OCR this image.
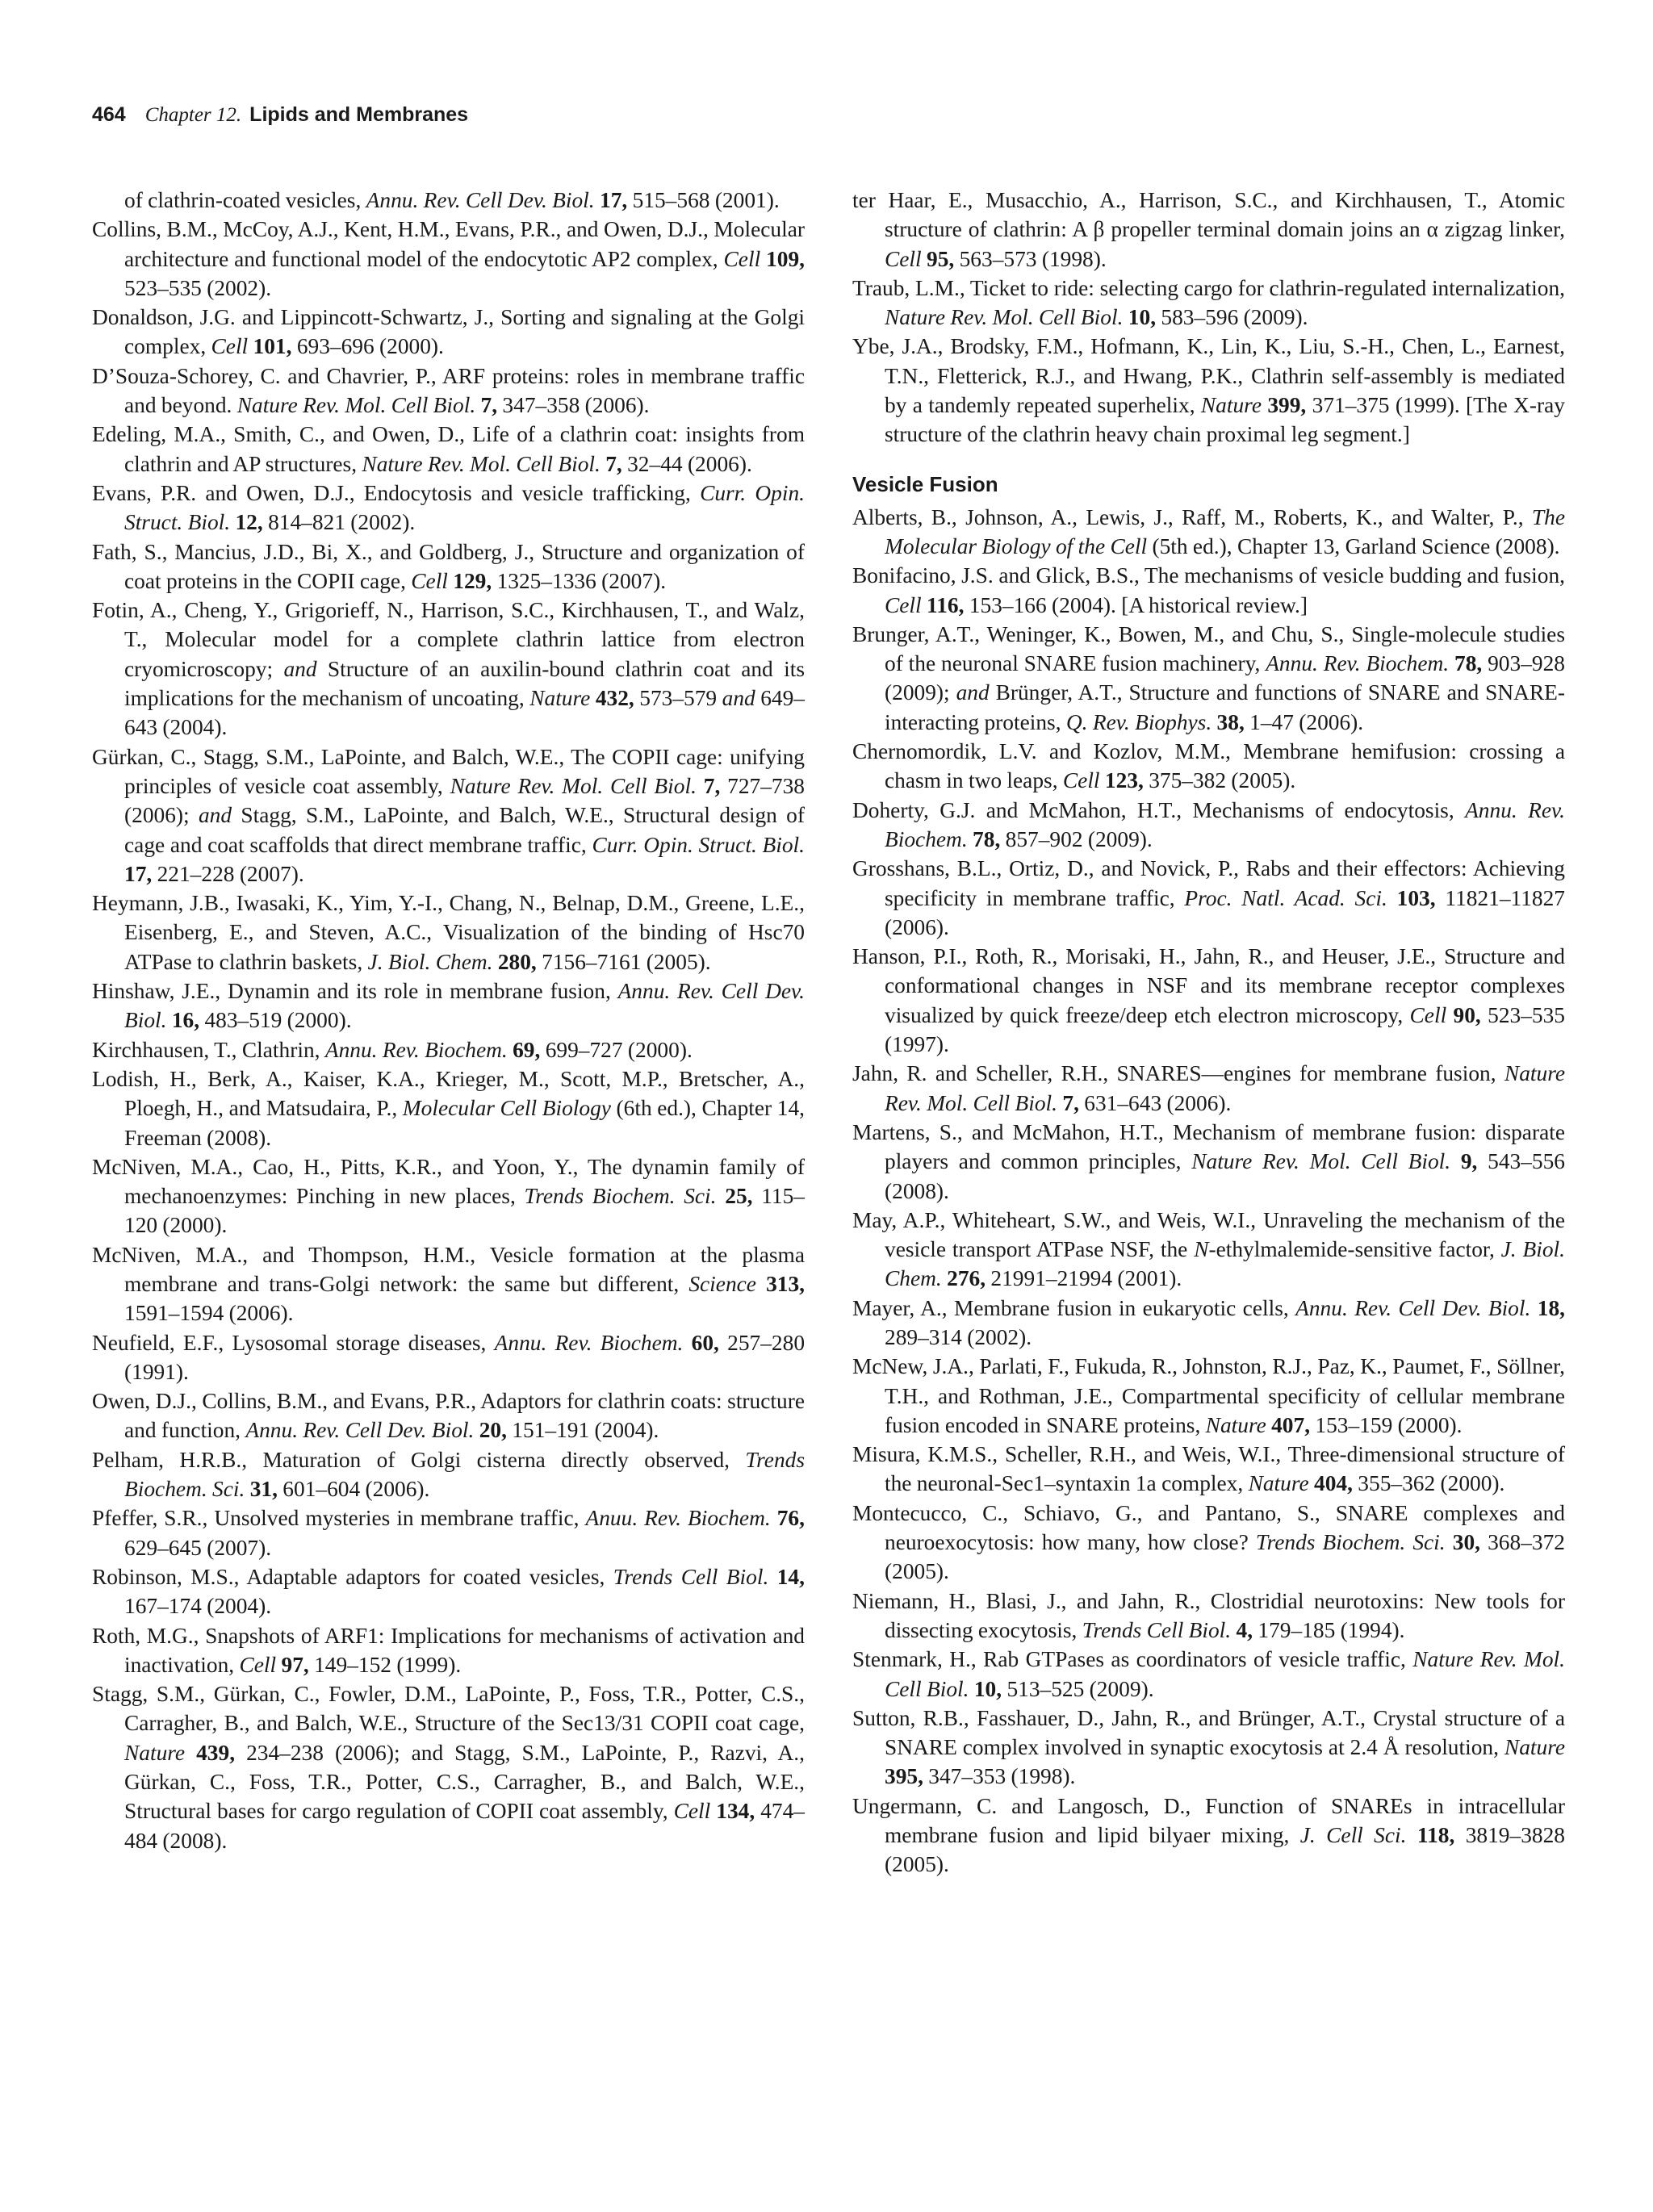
464 Chapter 12. Lipids and Membranes

of clathrin-coated vesicles, Annu. Rev. Cell Dev. Biol. 17, 515–568 (2001).

Collins, B.M., McCoy, A.J., Kent, H.M., Evans, P.R., and Owen, D.J., Molecular architecture and functional model of the endocytotic AP2 complex, Cell 109, 523–535 (2002).

Donaldson, J.G. and Lippincott-Schwartz, J., Sorting and signaling at the Golgi complex, Cell 101, 693–696 (2000).

D’Souza-Schorey, C. and Chavrier, P., ARF proteins: roles in membrane traffic and beyond. Nature Rev. Mol. Cell Biol. 7, 347–358 (2006).

Edeling, M.A., Smith, C., and Owen, D., Life of a clathrin coat: insights from clathrin and AP structures, Nature Rev. Mol. Cell Biol. 7, 32–44 (2006).

Evans, P.R. and Owen, D.J., Endocytosis and vesicle trafficking, Curr. Opin. Struct. Biol. 12, 814–821 (2002).

Fath, S., Mancius, J.D., Bi, X., and Goldberg, J., Structure and organization of coat proteins in the COPII cage, Cell 129, 1325–1336 (2007).

Fotin, A., Cheng, Y., Grigorieff, N., Harrison, S.C., Kirchhausen, T., and Walz, T., Molecular model for a complete clathrin lattice from electron cryomicroscopy; and Structure of an auxilin-bound clathrin coat and its implications for the mechanism of uncoating, Nature 432, 573–579 and 649–643 (2004).

Gürkan, C., Stagg, S.M., LaPointe, and Balch, W.E., The COPII cage: unifying principles of vesicle coat assembly, Nature Rev. Mol. Cell Biol. 7, 727–738 (2006); and Stagg, S.M., LaPointe, and Balch, W.E., Structural design of cage and coat scaffolds that direct membrane traffic, Curr. Opin. Struct. Biol. 17, 221–228 (2007).

Heymann, J.B., Iwasaki, K., Yim, Y.-I., Chang, N., Belnap, D.M., Greene, L.E., Eisenberg, E., and Steven, A.C., Visualization of the binding of Hsc70 ATPase to clathrin baskets, J. Biol. Chem. 280, 7156–7161 (2005).

Hinshaw, J.E., Dynamin and its role in membrane fusion, Annu. Rev. Cell Dev. Biol. 16, 483–519 (2000).

Kirchhausen, T., Clathrin, Annu. Rev. Biochem. 69, 699–727 (2000).

Lodish, H., Berk, A., Kaiser, K.A., Krieger, M., Scott, M.P., Bretscher, A., Ploegh, H., and Matsudaira, P., Molecular Cell Biology (6th ed.), Chapter 14, Freeman (2008).

McNiven, M.A., Cao, H., Pitts, K.R., and Yoon, Y., The dynamin family of mechanoenzymes: Pinching in new places, Trends Biochem. Sci. 25, 115–120 (2000).

McNiven, M.A., and Thompson, H.M., Vesicle formation at the plasma membrane and trans-Golgi network: the same but different, Science 313, 1591–1594 (2006).

Neufield, E.F., Lysosomal storage diseases, Annu. Rev. Biochem. 60, 257–280 (1991).

Owen, D.J., Collins, B.M., and Evans, P.R., Adaptors for clathrin coats: structure and function, Annu. Rev. Cell Dev. Biol. 20, 151–191 (2004).

Pelham, H.R.B., Maturation of Golgi cisterna directly observed, Trends Biochem. Sci. 31, 601–604 (2006).

Pfeffer, S.R., Unsolved mysteries in membrane traffic, Anuu. Rev. Biochem. 76, 629–645 (2007).

Robinson, M.S., Adaptable adaptors for coated vesicles, Trends Cell Biol. 14, 167–174 (2004).

Roth, M.G., Snapshots of ARF1: Implications for mechanisms of activation and inactivation, Cell 97, 149–152 (1999).

Stagg, S.M., Gürkan, C., Fowler, D.M., LaPointe, P., Foss, T.R., Potter, C.S., Carragher, B., and Balch, W.E., Structure of the Sec13/31 COPII coat cage, Nature 439, 234–238 (2006); and Stagg, S.M., LaPointe, P., Razvi, A., Gürkan, C., Foss, T.R., Potter, C.S., Carragher, B., and Balch, W.E., Structural bases for cargo regulation of COPII coat assembly, Cell 134, 474–484 (2008).

ter Haar, E., Musacchio, A., Harrison, S.C., and Kirchhausen, T., Atomic structure of clathrin: A β propeller terminal domain joins an α zigzag linker, Cell 95, 563–573 (1998).

Traub, L.M., Ticket to ride: selecting cargo for clathrin-regulated internalization, Nature Rev. Mol. Cell Biol. 10, 583–596 (2009).

Ybe, J.A., Brodsky, F.M., Hofmann, K., Lin, K., Liu, S.-H., Chen, L., Earnest, T.N., Fletterick, R.J., and Hwang, P.K., Clathrin self-assembly is mediated by a tandemly repeated superhelix, Nature 399, 371–375 (1999). [The X-ray structure of the clathrin heavy chain proximal leg segment.]

Vesicle Fusion

Alberts, B., Johnson, A., Lewis, J., Raff, M., Roberts, K., and Walter, P., The Molecular Biology of the Cell (5th ed.), Chapter 13, Garland Science (2008).

Bonifacino, J.S. and Glick, B.S., The mechanisms of vesicle budding and fusion, Cell 116, 153–166 (2004). [A historical review.]

Brunger, A.T., Weninger, K., Bowen, M., and Chu, S., Single-molecule studies of the neuronal SNARE fusion machinery, Annu. Rev. Biochem. 78, 903–928 (2009); and Brünger, A.T., Structure and functions of SNARE and SNARE-interacting proteins, Q. Rev. Biophys. 38, 1–47 (2006).

Chernomordik, L.V. and Kozlov, M.M., Membrane hemifusion: crossing a chasm in two leaps, Cell 123, 375–382 (2005).

Doherty, G.J. and McMahon, H.T., Mechanisms of endocytosis, Annu. Rev. Biochem. 78, 857–902 (2009).

Grosshans, B.L., Ortiz, D., and Novick, P., Rabs and their effectors: Achieving specificity in membrane traffic, Proc. Natl. Acad. Sci. 103, 11821–11827 (2006).

Hanson, P.I., Roth, R., Morisaki, H., Jahn, R., and Heuser, J.E., Structure and conformational changes in NSF and its membrane receptor complexes visualized by quick freeze/deep etch electron microscopy, Cell 90, 523–535 (1997).

Jahn, R. and Scheller, R.H., SNARES—engines for membrane fusion, Nature Rev. Mol. Cell Biol. 7, 631–643 (2006).

Martens, S., and McMahon, H.T., Mechanism of membrane fusion: disparate players and common principles, Nature Rev. Mol. Cell Biol. 9, 543–556 (2008).

May, A.P., Whiteheart, S.W., and Weis, W.I., Unraveling the mechanism of the vesicle transport ATPase NSF, the N-ethylmalemide-sensitive factor, J. Biol. Chem. 276, 21991–21994 (2001).

Mayer, A., Membrane fusion in eukaryotic cells, Annu. Rev. Cell Dev. Biol. 18, 289–314 (2002).

McNew, J.A., Parlati, F., Fukuda, R., Johnston, R.J., Paz, K., Paumet, F., Söllner, T.H., and Rothman, J.E., Compartmental specificity of cellular membrane fusion encoded in SNARE proteins, Nature 407, 153–159 (2000).

Misura, K.M.S., Scheller, R.H., and Weis, W.I., Three-dimensional structure of the neuronal-Sec1–syntaxin 1a complex, Nature 404, 355–362 (2000).

Montecucco, C., Schiavo, G., and Pantano, S., SNARE complexes and neuroexocytosis: how many, how close? Trends Biochem. Sci. 30, 368–372 (2005).

Niemann, H., Blasi, J., and Jahn, R., Clostridial neurotoxins: New tools for dissecting exocytosis, Trends Cell Biol. 4, 179–185 (1994).

Stenmark, H., Rab GTPases as coordinators of vesicle traffic, Nature Rev. Mol. Cell Biol. 10, 513–525 (2009).

Sutton, R.B., Fasshauer, D., Jahn, R., and Brünger, A.T., Crystal structure of a SNARE complex involved in synaptic exocytosis at 2.4 Å resolution, Nature 395, 347–353 (1998).

Ungermann, C. and Langosch, D., Function of SNAREs in intracellular membrane fusion and lipid bilyaer mixing, J. Cell Sci. 118, 3819–3828 (2005).
